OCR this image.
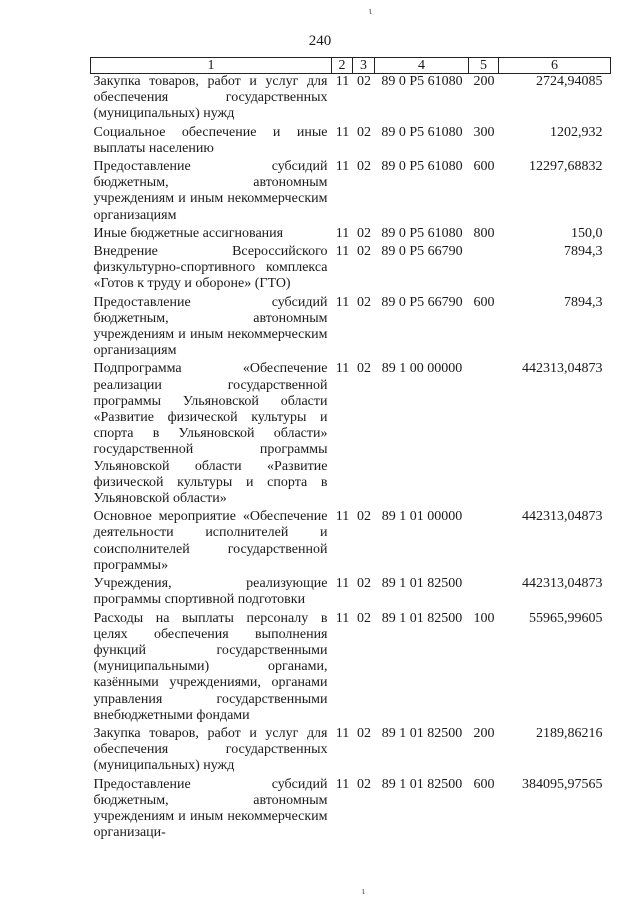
ι
240
1	2	3	4	5	6
Закупка товаров, работ и услуг для обеспечения государственных (муниципальных) нужд	11	02	89 0 P5 61080	200	2724,94085
Социальное обеспечение и иные выплаты населению	11	02	89 0 P5 61080	300	1202,932
Предоставление субсидий бюджетным, автономным учреждениям и иным некоммерческим организациям	11	02	89 0 P5 61080	600	12297,68832
Иные бюджетные ассигнования	11	02	89 0 P5 61080	800	150,0
Внедрение Всероссийского физкультурно-спортивного комплекса «Готов к труду и обороне» (ГТО)	11	02	89 0 P5 66790		7894,3
Предоставление субсидий бюджетным, автономным учреждениям и иным некоммерческим организациям	11	02	89 0 P5 66790	600	7894,3
Подпрограмма «Обеспечение реализации государственной программы Ульяновской области «Развитие физической культуры и спорта в Ульяновской области» государственной программы Ульяновской области «Развитие физической культуры и спорта в Ульяновской области»	11	02	89 1 00 00000		442313,04873
Основное мероприятие «Обеспечение деятельности исполнителей и соисполнителей государственной программы»	11	02	89 1 01 00000		442313,04873
Учреждения, реализующие программы спортивной подготовки	11	02	89 1 01 82500		442313,04873
Расходы на выплаты персоналу в целях обеспечения выполнения функций государственными (муниципальными) органами, казёнными учреждениями, органами управления государственными внебюджетными фондами	11	02	89 1 01 82500	100	55965,99605
Закупка товаров, работ и услуг для обеспечения государственных (муниципальных) нужд	11	02	89 1 01 82500	200	2189,86216
Предоставление субсидий бюджетным, автономным учреждениям и иным некоммерческим организаци-	11	02	89 1 01 82500	600	384095,97565
ι
